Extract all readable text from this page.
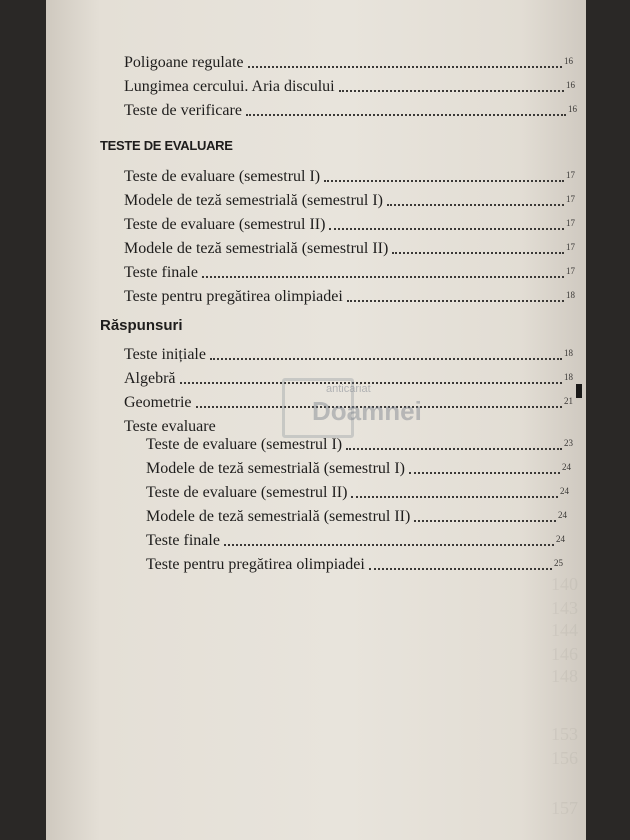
140
143
144
146
148
153
156
157
Poligoane regulate	16
Lungimea cercului. Aria discului	16
Teste de verificare	16
TESTE DE EVALUARE
Teste de evaluare (semestrul I)	17
Modele de teză semestrială (semestrul I)	17
Teste de evaluare (semestrul II)	17
Modele de teză semestrială (semestrul II)	17
Teste finale	17
Teste pentru pregătirea olimpiadei	18
Răspunsuri
Teste inițiale	18
Algebră	18
Geometrie	21
Teste evaluare
Teste de evaluare (semestrul I)	23
Modele de teză semestrială (semestrul I)	24
Teste de evaluare (semestrul II)	24
Modele de teză semestrială (semestrul II)	24
Teste finale	24
Teste pentru pregătirea olimpiadei	25
anticariat
Doamnei
